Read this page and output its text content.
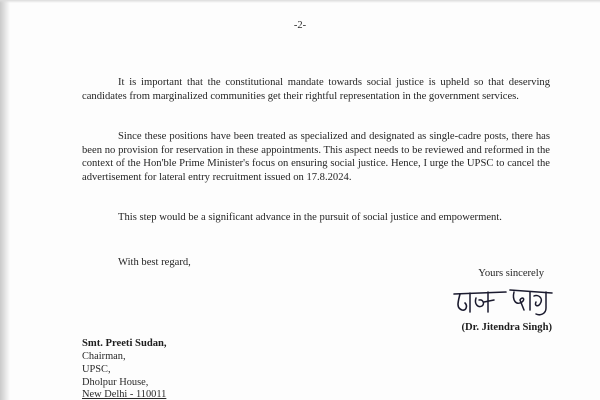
-2-
It is important that the constitutional mandate towards social justice is upheld so that deserving candidates from marginalized communities get their rightful representation in the government services.
Since these positions have been treated as specialized and designated as single-cadre posts, there has been no provision for reservation in these appointments. This aspect needs to be reviewed and reformed in the context of the Hon'ble Prime Minister's focus on ensuring social justice. Hence, I urge the UPSC to cancel the advertisement for lateral entry recruitment issued on 17.8.2024.
This step would be a significant advance in the pursuit of social justice and empowerment.
With best regard,
Yours sincerely
(Dr. Jitendra Singh)
Smt. Preeti Sudan,
Chairman,
UPSC,
Dholpur House,
New Delhi - 110011
